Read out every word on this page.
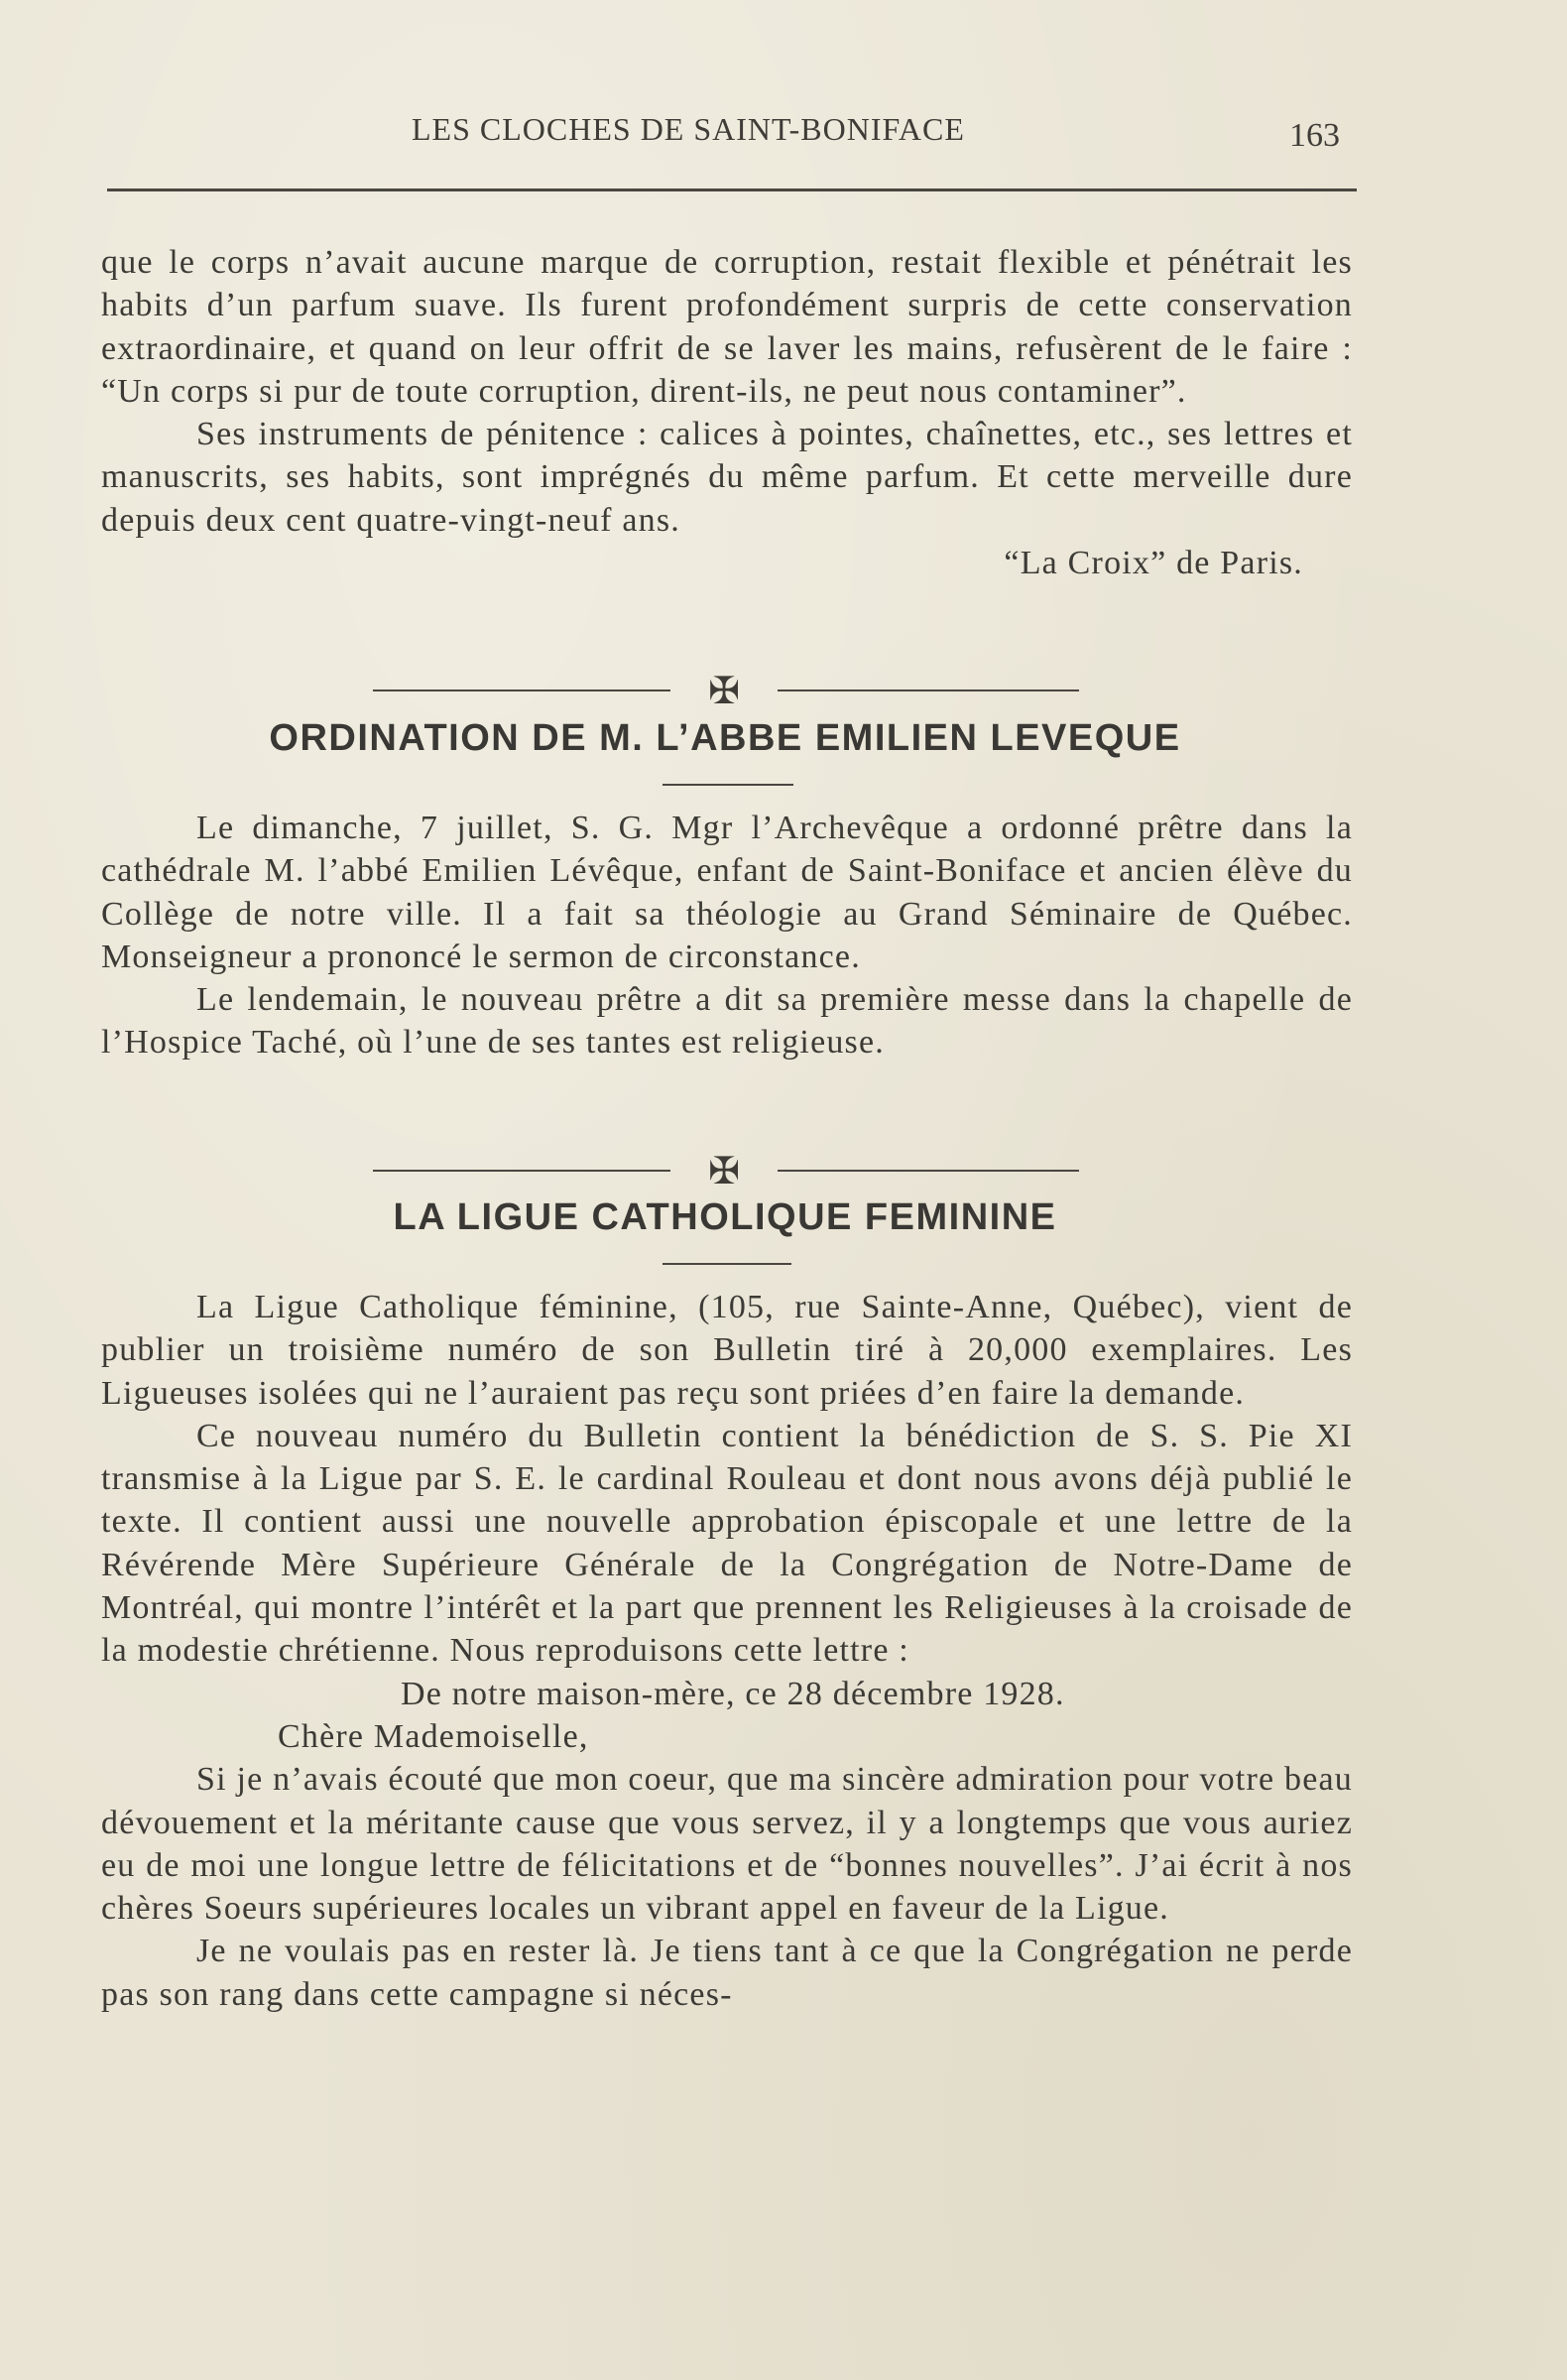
LES CLOCHES DE SAINT-BONIFACE	163

que le corps n’avait aucune marque de corruption, restait flexible et pénétrait les habits d’un parfum suave. Ils furent profondément surpris de cette conservation extraordinaire, et quand on leur offrit de se laver les mains, refusèrent de le faire : “Un corps si pur de toute corruption, dirent-ils, ne peut nous contaminer”.

Ses instruments de pénitence : calices à pointes, chaînettes, etc., ses lettres et manuscrits, ses habits, sont imprégnés du même parfum. Et cette merveille dure depuis deux cent quatre-vingt-neuf ans.

“La Croix” de Paris.

✠
ORDINATION DE M. L’ABBE EMILIEN LEVEQUE

Le dimanche, 7 juillet, S. G. Mgr l’Archevêque a ordonné prêtre dans la cathédrale M. l’abbé Emilien Lévêque, enfant de Saint-Boniface et ancien élève du Collège de notre ville. Il a fait sa théologie au Grand Séminaire de Québec. Monseigneur a prononcé le sermon de circonstance.

Le lendemain, le nouveau prêtre a dit sa première messe dans la chapelle de l’Hospice Taché, où l’une de ses tantes est religieuse.

✠
LA LIGUE CATHOLIQUE FEMININE

La Ligue Catholique féminine, (105, rue Sainte-Anne, Québec), vient de publier un troisième numéro de son Bulletin tiré à 20,000 exemplaires. Les Ligueuses isolées qui ne l’auraient pas reçu sont priées d’en faire la demande.

Ce nouveau numéro du Bulletin contient la bénédiction de S. S. Pie XI transmise à la Ligue par S. E. le cardinal Rouleau et dont nous avons déjà publié le texte. Il contient aussi une nouvelle approbation épiscopale et une lettre de la Révérende Mère Supérieure Générale de la Congrégation de Notre-Dame de Montréal, qui montre l’intérêt et la part que prennent les Religieuses à la croisade de la modestie chrétienne. Nous reproduisons cette lettre :

De notre maison-mère, ce 28 décembre 1928.

Chère Mademoiselle,

Si je n’avais écouté que mon coeur, que ma sincère admiration pour votre beau dévouement et la méritante cause que vous servez, il y a longtemps que vous auriez eu de moi une longue lettre de félicitations et de “bonnes nouvelles”. J’ai écrit à nos chères Soeurs supérieures locales un vibrant appel en faveur de la Ligue.

Je ne voulais pas en rester là. Je tiens tant à ce que la Congrégation ne perde pas son rang dans cette campagne si néces-
